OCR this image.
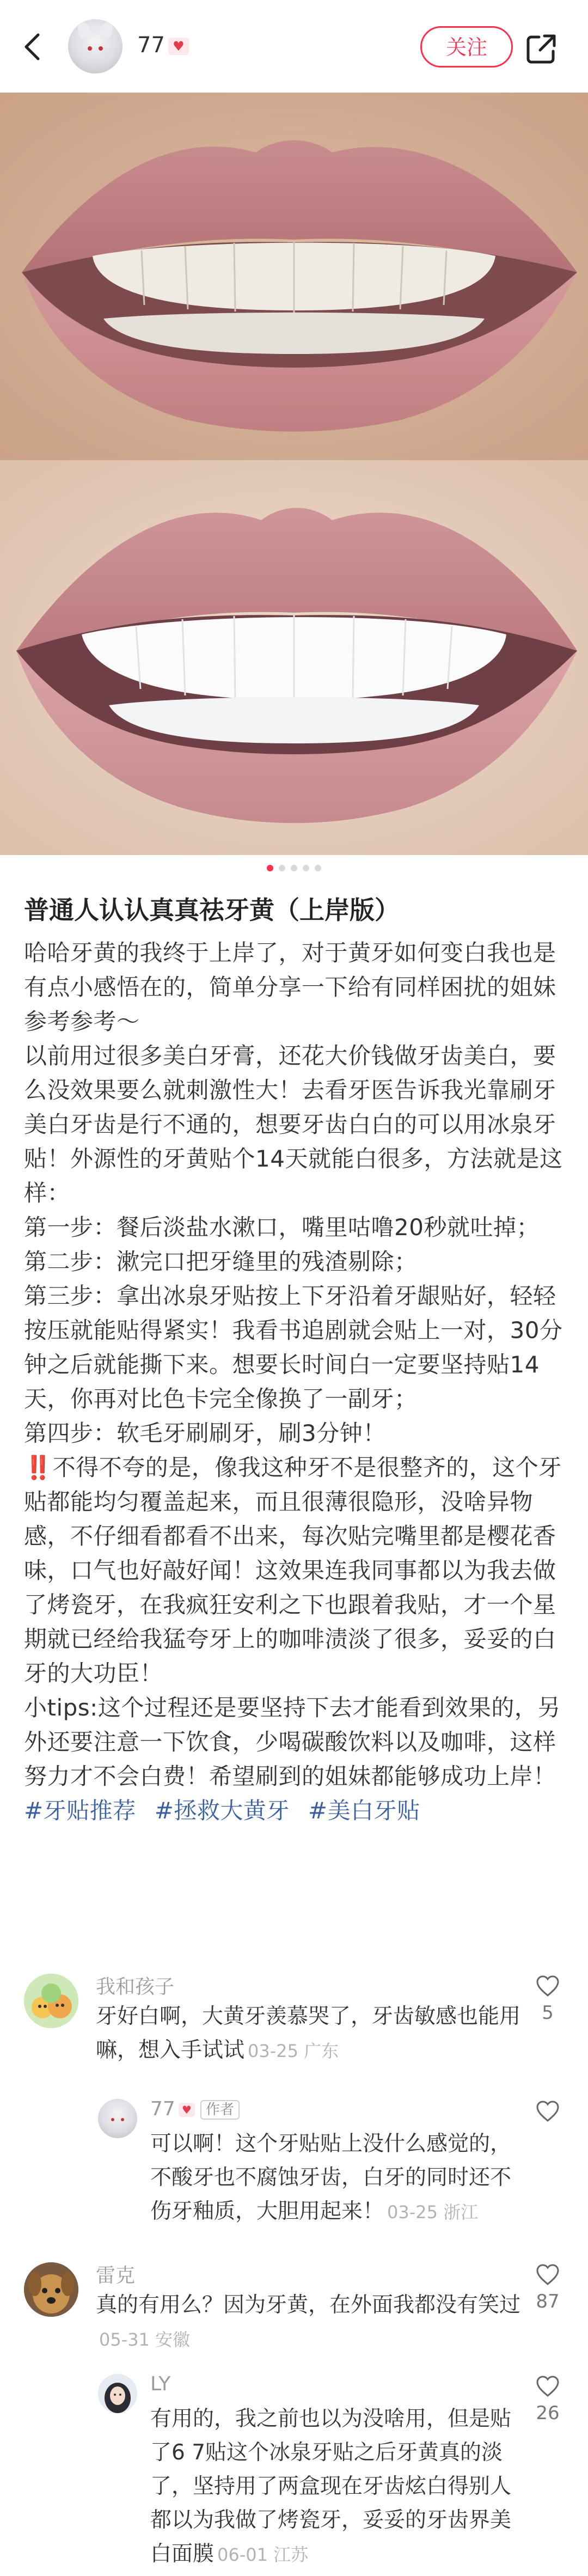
77 ♥	关注
普通人认认真真祛牙黄（上岸版）

哈哈牙黄的我终于上岸了，对于黄牙如何变白我也是有点小感悟在的，简单分享一下给有同样困扰的姐妹参考参考～

以前用过很多美白牙膏，还花大价钱做牙齿美白，要么没效果要么就刺激性大！去看牙医告诉我光靠刷牙美白牙齿是行不通的，想要牙齿白白的可以用冰泉牙贴！外源性的牙黄贴个14天就能白很多，方法就是这样：

第一步：餐后淡盐水漱口，嘴里咕噜20秒就吐掉；

第二步：漱完口把牙缝里的残渣剔除；

第三步：拿出冰泉牙贴按上下牙沿着牙龈贴好，轻轻按压就能贴得紧实！我看书追剧就会贴上一对，30分钟之后就能撕下来。想要长时间白一定要坚持贴14天，你再对比色卡完全像换了一副牙；

第四步：软毛牙刷刷牙，刷3分钟！

‼️不得不夸的是，像我这种牙不是很整齐的，这个牙贴都能均匀覆盖起来，而且很薄很隐形，没啥异物感，不仔细看都看不出来，每次贴完嘴里都是樱花香味，口气也好敲好闻！这效果连我同事都以为我去做了烤瓷牙，在我疯狂安利之下也跟着我贴，才一个星期就已经给我猛夸牙上的咖啡渍淡了很多，妥妥的白牙的大功臣！

小tips:这个过程还是要坚持下去才能看到效果的，另外还要注意一下饮食，少喝碳酸饮料以及咖啡，这样努力才不会白费！希望刷到的姐妹都能够成功上岸！ #牙贴推荐 #拯救大黄牙 #美白牙贴

我和孩子
牙好白啊，大黄牙羡慕哭了，牙齿敏感也能用嘛，想入手试试 03-25 广东
5
77 ♥ 作者
可以啊！这个牙贴贴上没什么感觉的，不酸牙也不腐蚀牙齿，白牙的同时还不伤牙釉质，大胆用起来！ 03-25 浙江
雷克
真的有用么？因为牙黄，在外面我都没有笑过05-31 安徽
87
LY
有用的，我之前也以为没啥用，但是贴了6 7贴这个冰泉牙贴之后牙黄真的淡了，坚持用了两盒现在牙齿炫白得别人都以为我做了烤瓷牙，妥妥的牙齿界美白面膜 06-01 江苏
26
